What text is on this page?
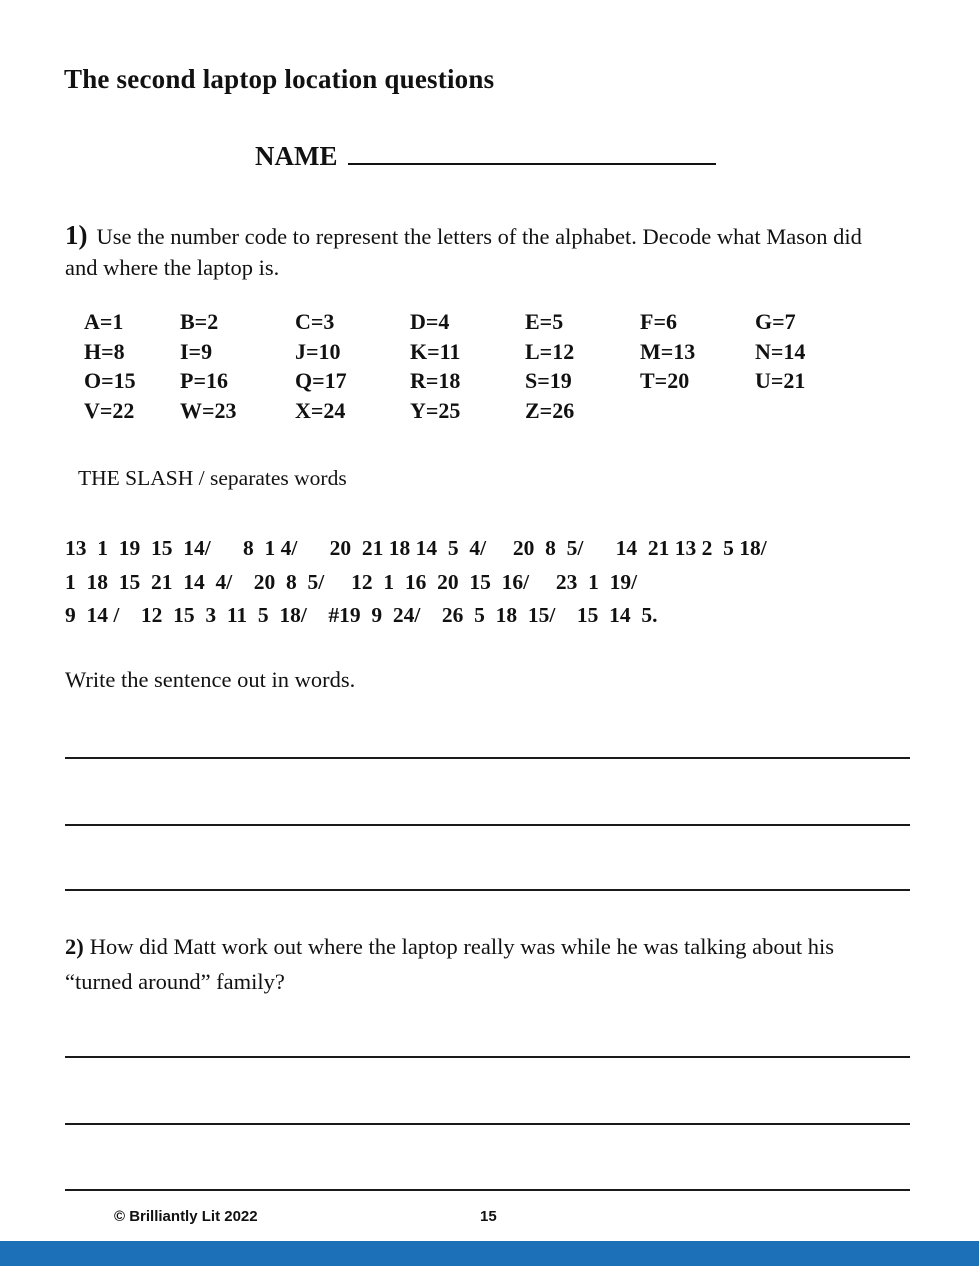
The second laptop location questions
NAME

1) Use the number code to represent the letters of the alphabet. Decode what Mason did and where the laptop is.

A=1	B=2	C=3	D=4	E=5	F=6	G=7
H=8	I=9	J=10	K=11	L=12	M=13	N=14
O=15	P=16	Q=17	R=18	S=19	T=20	U=21
V=22	W=23	X=24	Y=25	Z=26

THE SLASH / separates words

13  1  19  15  14/      8  1 4/      20  21 18 14  5  4/     20  8  5/      14  21 13 2  5 18/
1  18  15  21  14  4/    20  8  5/     12  1  16  20  15  16/     23  1  19/
9  14 /    12  15  3  11  5  18/    #19  9  24/    26  5  18  15/    15  14  5.

Write the sentence out in words.

2) How did Matt work out where the laptop really was while he was talking about his “turned around” family?

© Brilliantly Lit 2022	15
